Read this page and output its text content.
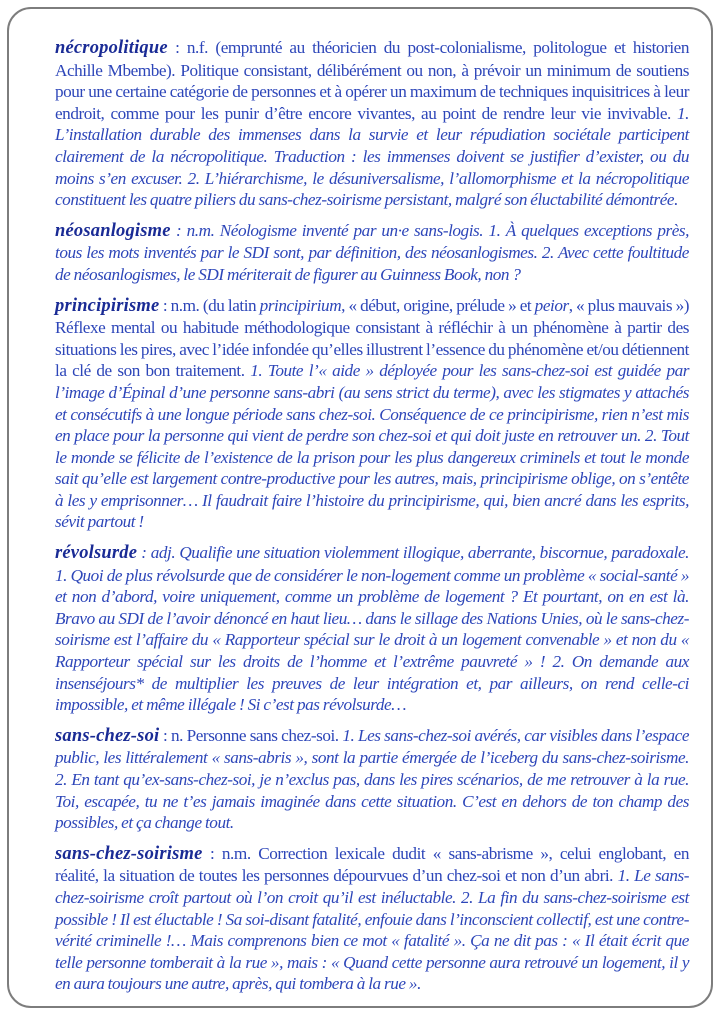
nécropolitique : n.f. (emprunté au théoricien du post-colonialisme, politologue et historien Achille Mbembe). Politique consistant, délibérément ou non, à prévoir un minimum de soutiens pour une certaine catégorie de personnes et à opérer un maximum de techniques inquisitrices à leur endroit, comme pour les punir d’être encore vivantes, au point de rendre leur vie invivable. 1. L’installation durable des immenses dans la survie et leur répudiation sociétale participent clairement de la nécropolitique. Traduction : les immenses doivent se justifier d’exister, ou du moins s’en excuser. 2. L’hiérarchisme, le désuniversalisme, l’allomorphisme et la nécropolitique constituent les quatre piliers du sans-chez-soirisme persistant, malgré son éluctabilité démontrée.

néosanlogisme : n.m. Néologisme inventé par un·e sans-logis. 1. À quelques exceptions près, tous les mots inventés par le SDI sont, par définition, des néosanlogismes. 2. Avec cette foultitude de néosanlogismes, le SDI mériterait de figurer au Guinness Book, non ?

principirisme : n.m. (du latin principirium, « début, origine, prélude » et peior, « plus mauvais ») Réflexe mental ou habitude méthodologique consistant à réfléchir à un phénomène à partir des situations les pires, avec l’idée infondée qu’elles illustrent l’essence du phénomène et/ou détiennent la clé de son bon traitement. 1. Toute l’« aide » déployée pour les sans-chez-soi est guidée par l’image d’Épinal d’une personne sans-abri (au sens strict du terme), avec les stigmates y attachés et consécutifs à une longue période sans chez-soi. Conséquence de ce principirisme, rien n’est mis en place pour la personne qui vient de perdre son chez-soi et qui doit juste en retrouver un. 2. Tout le monde se félicite de l’existence de la prison pour les plus dangereux criminels et tout le monde sait qu’elle est largement contre-productive pour les autres, mais, principirisme oblige, on s’entête à les y emprisonner… Il faudrait faire l’histoire du principirisme, qui, bien ancré dans les esprits, sévit partout !

révolsurde : adj. Qualifie une situation violemment illogique, aberrante, biscornue, paradoxale. 1. Quoi de plus révolsurde que de considérer le non-logement comme un problème « social-santé » et non d’abord, voire uniquement, comme un problème de logement ? Et pourtant, on en est là. Bravo au SDI de l’avoir dénoncé en haut lieu… dans le sillage des Nations Unies, où le sans-chez-soirisme est l’affaire du « Rapporteur spécial sur le droit à un logement convenable » et non du « Rapporteur spécial sur les droits de l’homme et l’extrême pauvreté » ! 2. On demande aux insenséjours* de multiplier les preuves de leur intégration et, par ailleurs, on rend celle-ci impossible, et même illégale ! Si c’est pas révolsurde…

sans-chez-soi : n. Personne sans chez-soi. 1. Les sans-chez-soi avérés, car visibles dans l’espace public, les littéralement « sans-abris », sont la partie émergée de l’iceberg du sans-chez-soirisme. 2. En tant qu’ex-sans-chez-soi, je n’exclus pas, dans les pires scénarios, de me retrouver à la rue. Toi, escapée, tu ne t’es jamais imaginée dans cette situation. C’est en dehors de ton champ des possibles, et ça change tout.

sans-chez-soirisme : n.m. Correction lexicale dudit « sans-abrisme », celui englobant, en réalité, la situation de toutes les personnes dépourvues d’un chez-soi et non d’un abri. 1. Le sans-chez-soirisme croît partout où l’on croit qu’il est inéluctable. 2. La fin du sans-chez-soirisme est possible ! Il est éluctable ! Sa soi-disant fatalité, enfouie dans l’inconscient collectif, est une contre-vérité criminelle !… Mais comprenons bien ce mot « fatalité ». Ça ne dit pas : « Il était écrit que telle personne tomberait à la rue », mais : « Quand cette personne aura retrouvé un logement, il y en aura toujours une autre, après, qui tombera à la rue ».
